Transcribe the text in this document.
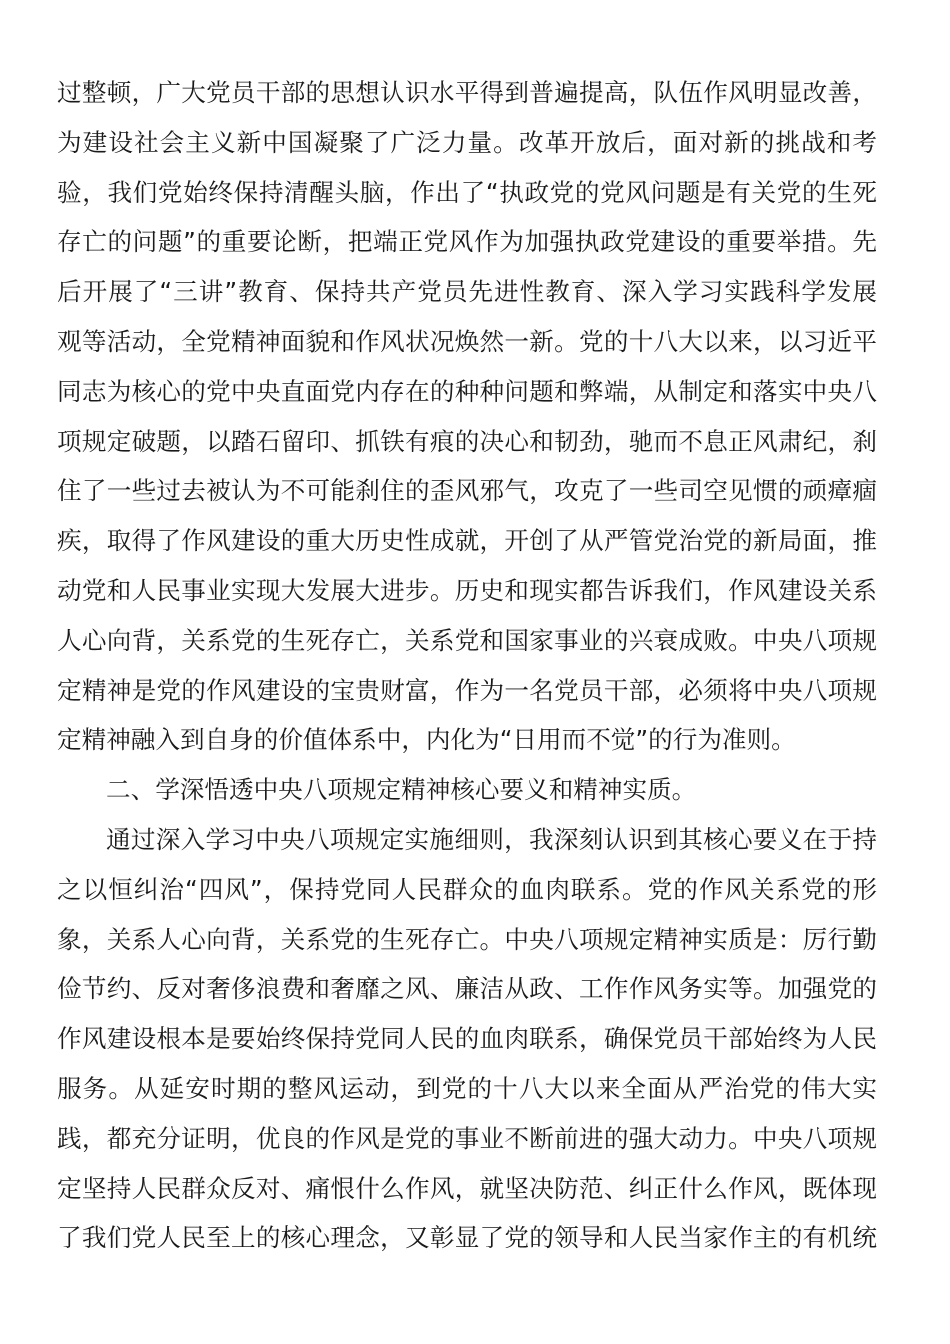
过整顿，广大党员干部的思想认识水平得到普遍提高，队伍作风明显改善，
为建设社会主义新中国凝聚了广泛力量。改革开放后，面对新的挑战和考
验，我们党始终保持清醒头脑，作出了“执政党的党风问题是有关党的生死
存亡的问题”的重要论断，把端正党风作为加强执政党建设的重要举措。先
后开展了“三讲”教育、保持共产党员先进性教育、深入学习实践科学发展
观等活动，全党精神面貌和作风状况焕然一新。党的十八大以来，以习近平
同志为核心的党中央直面党内存在的种种问题和弊端，从制定和落实中央八
项规定破题，以踏石留印、抓铁有痕的决心和韧劲，驰而不息正风肃纪，刹
住了一些过去被认为不可能刹住的歪风邪气，攻克了一些司空见惯的顽瘴痼
疾，取得了作风建设的重大历史性成就，开创了从严管党治党的新局面，推
动党和人民事业实现大发展大进步。历史和现实都告诉我们，作风建设关系
人心向背，关系党的生死存亡，关系党和国家事业的兴衰成败。中央八项规
定精神是党的作风建设的宝贵财富，作为一名党员干部，必须将中央八项规
定精神融入到自身的价值体系中，内化为“日用而不觉”的行为准则。
二、学深悟透中央八项规定精神核心要义和精神实质。
通过深入学习中央八项规定实施细则，我深刻认识到其核心要义在于持
之以恒纠治“四风”，保持党同人民群众的血肉联系。党的作风关系党的形
象，关系人心向背，关系党的生死存亡。中央八项规定精神实质是：厉行勤
俭节约、反对奢侈浪费和奢靡之风、廉洁从政、工作作风务实等。加强党的
作风建设根本是要始终保持党同人民的血肉联系，确保党员干部始终为人民
服务。从延安时期的整风运动，到党的十八大以来全面从严治党的伟大实
践，都充分证明，优良的作风是党的事业不断前进的强大动力。中央八项规
定坚持人民群众反对、痛恨什么作风，就坚决防范、纠正什么作风，既体现
了我们党人民至上的核心理念，又彰显了党的领导和人民当家作主的有机统
